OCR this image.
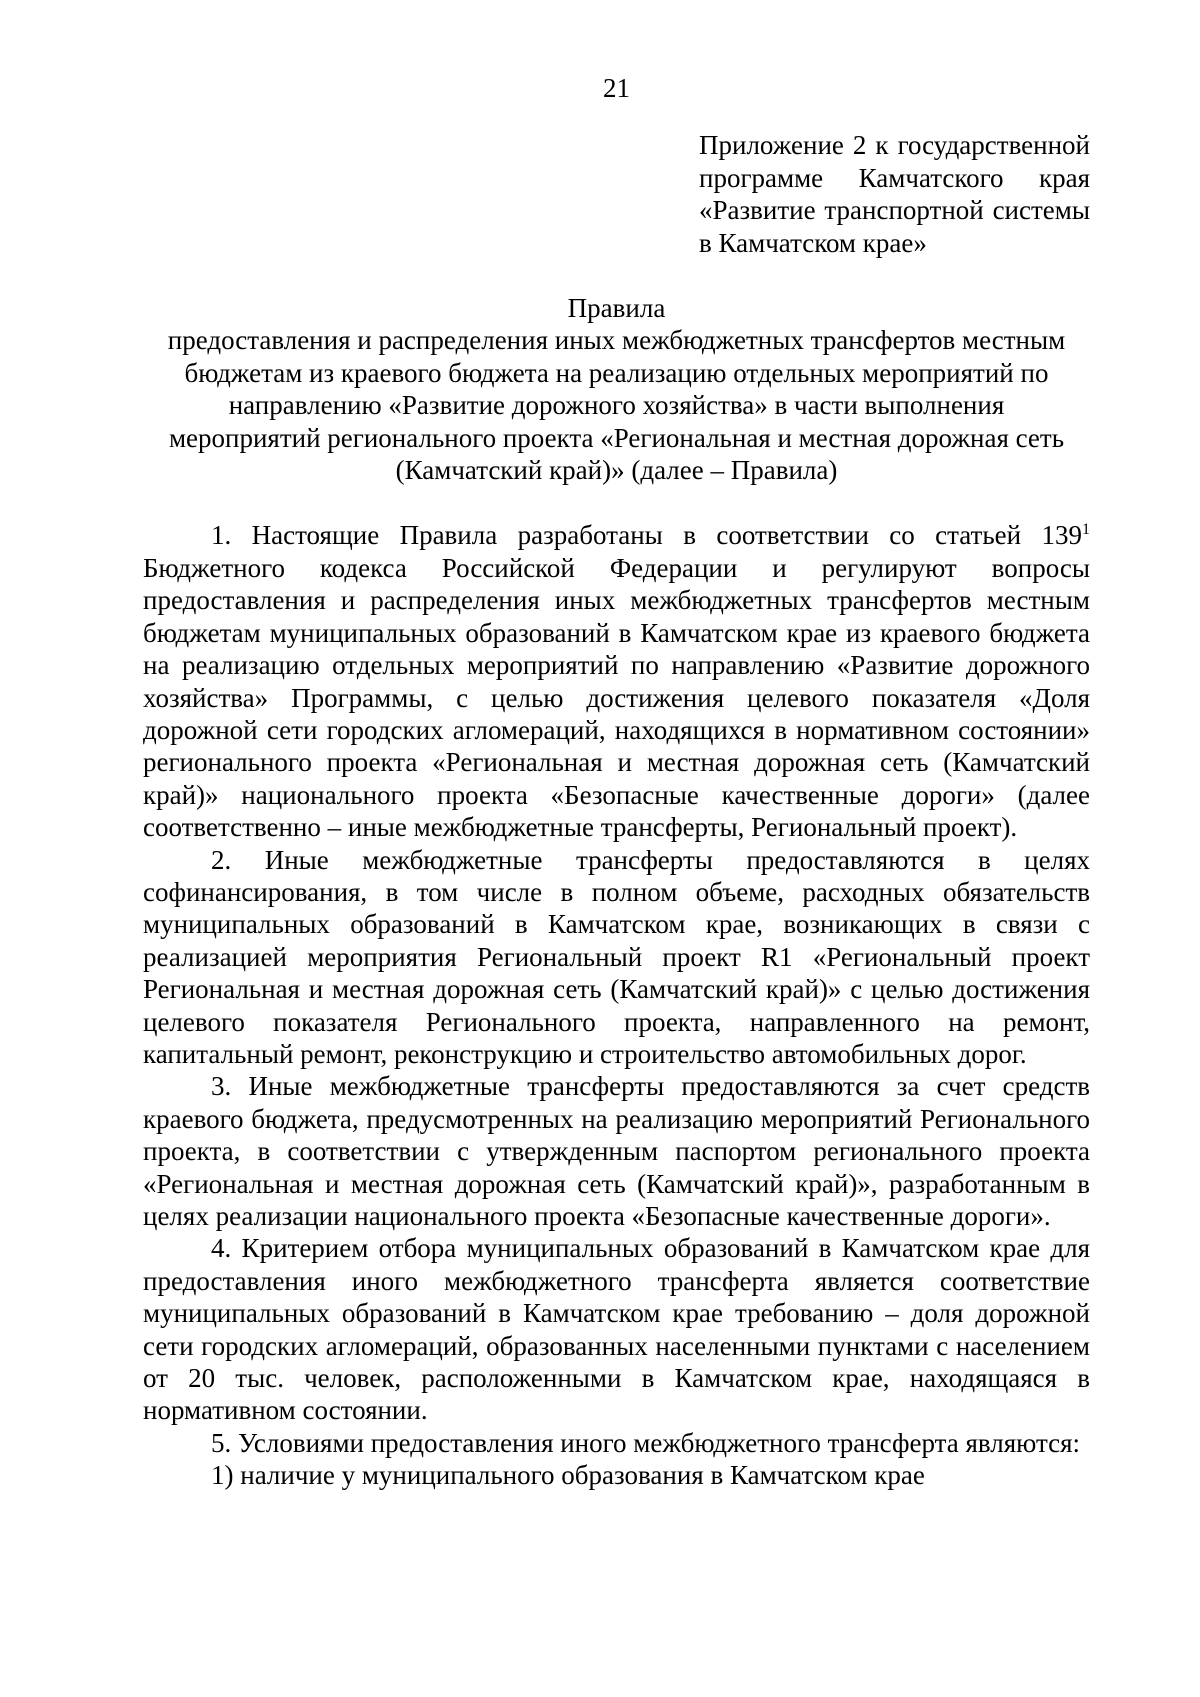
21

Приложение 2 к государственной

программе Камчатского края

«Развитие транспортной системы

в Камчатском крае»

Правила

предоставления и распределения иных межбюджетных трансфертов местным

бюджетам из краевого бюджета на реализацию отдельных мероприятий по

направлению «Развитие дорожного хозяйства» в части выполнения

мероприятий регионального проекта «Региональная и местная дорожная сеть

(Камчатский край)» (далее – Правила)

1. Настоящие Правила разработаны в соответствии со статьей $139^1$ Бюджетного кодекса Российской Федерации и регулируют вопросы предоставления и распределения иных межбюджетных трансфертов местным бюджетам муниципальных образований в Камчатском крае из краевого бюджета на реализацию отдельных мероприятий по направлению «Развитие дорожного хозяйства» Программы, с целью достижения целевого показателя «Доля дорожной сети городских агломераций, находящихся в нормативном состоянии» регионального проекта «Региональная и местная дорожная сеть (Камчатский край)» национального проекта «Безопасные качественные дороги» (далее соответственно – иные межбюджетные трансферты, Региональный проект).

2. Иные межбюджетные трансферты предоставляются в целях софинансирования, в том числе в полном объеме, расходных обязательств муниципальных образований в Камчатском крае, возникающих в связи с реализацией мероприятия Региональный проект R1 «Региональный проект Региональная и местная дорожная сеть (Камчатский край)» с целью достижения целевого показателя Регионального проекта, направленного на ремонт, капитальный ремонт, реконструкцию и строительство автомобильных дорог.

3. Иные межбюджетные трансферты предоставляются за счет средств краевого бюджета, предусмотренных на реализацию мероприятий Регионального проекта, в соответствии с утвержденным паспортом регионального проекта «Региональная и местная дорожная сеть (Камчатский край)», разработанным в целях реализации национального проекта «Безопасные качественные дороги».

4. Критерием отбора муниципальных образований в Камчатском крае для предоставления иного межбюджетного трансферта является соответствие муниципальных образований в Камчатском крае требованию – доля дорожной сети городских агломераций, образованных населенными пунктами с населением от 20 тыс. человек, расположенными в Камчатском крае, находящаяся в нормативном состоянии.

5. Условиями предоставления иного межбюджетного трансферта являются:

1) наличие у муниципального образования в Камчатском крае
